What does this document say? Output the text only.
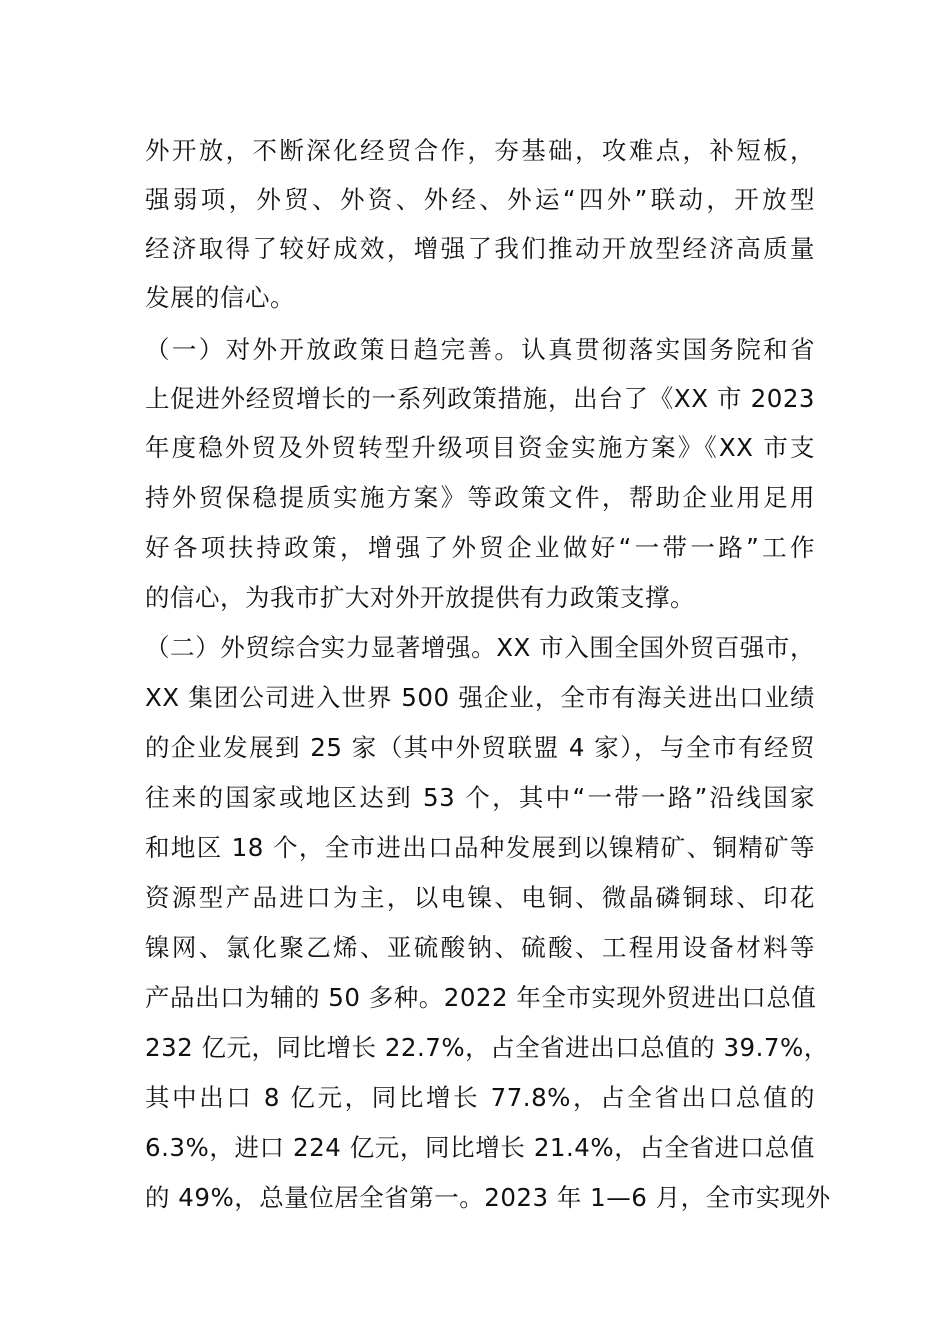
外开放，不断深化经贸合作，夯基础，攻难点，补短板，
强弱项，外贸、外资、外经、外运“四外”联动，开放型
经济取得了较好成效，增强了我们推动开放型经济高质量
发展的信心。
（一）对外开放政策日趋完善。认真贯彻落实国务院和省
上促进外经贸增长的一系列政策措施，出台了《XX 市 2023
年度稳外贸及外贸转型升级项目资金实施方案》《XX 市支
持外贸保稳提质实施方案》等政策文件，帮助企业用足用
好各项扶持政策，增强了外贸企业做好“一带一路”工作
的信心，为我市扩大对外开放提供有力政策支撑。
（二）外贸综合实力显著增强。XX 市入围全国外贸百强市，
XX 集团公司进入世界 500 强企业，全市有海关进出口业绩
的企业发展到 25 家（其中外贸联盟 4 家），与全市有经贸
往来的国家或地区达到 53 个，其中“一带一路”沿线国家
和地区 18 个，全市进出口品种发展到以镍精矿、铜精矿等
资源型产品进口为主，以电镍、电铜、微晶磷铜球、印花
镍网、氯化聚乙烯、亚硫酸钠、硫酸、工程用设备材料等
产品出口为辅的 50 多种。2022 年全市实现外贸进出口总值
232 亿元，同比增长 22.7%，占全省进出口总值的 39.7%，
其中出口 8 亿元，同比增长 77.8%，占全省出口总值的
6.3%，进口 224 亿元，同比增长 21.4%，占全省进口总值
的 49%，总量位居全省第一。2023 年 1—6 月，全市实现外
